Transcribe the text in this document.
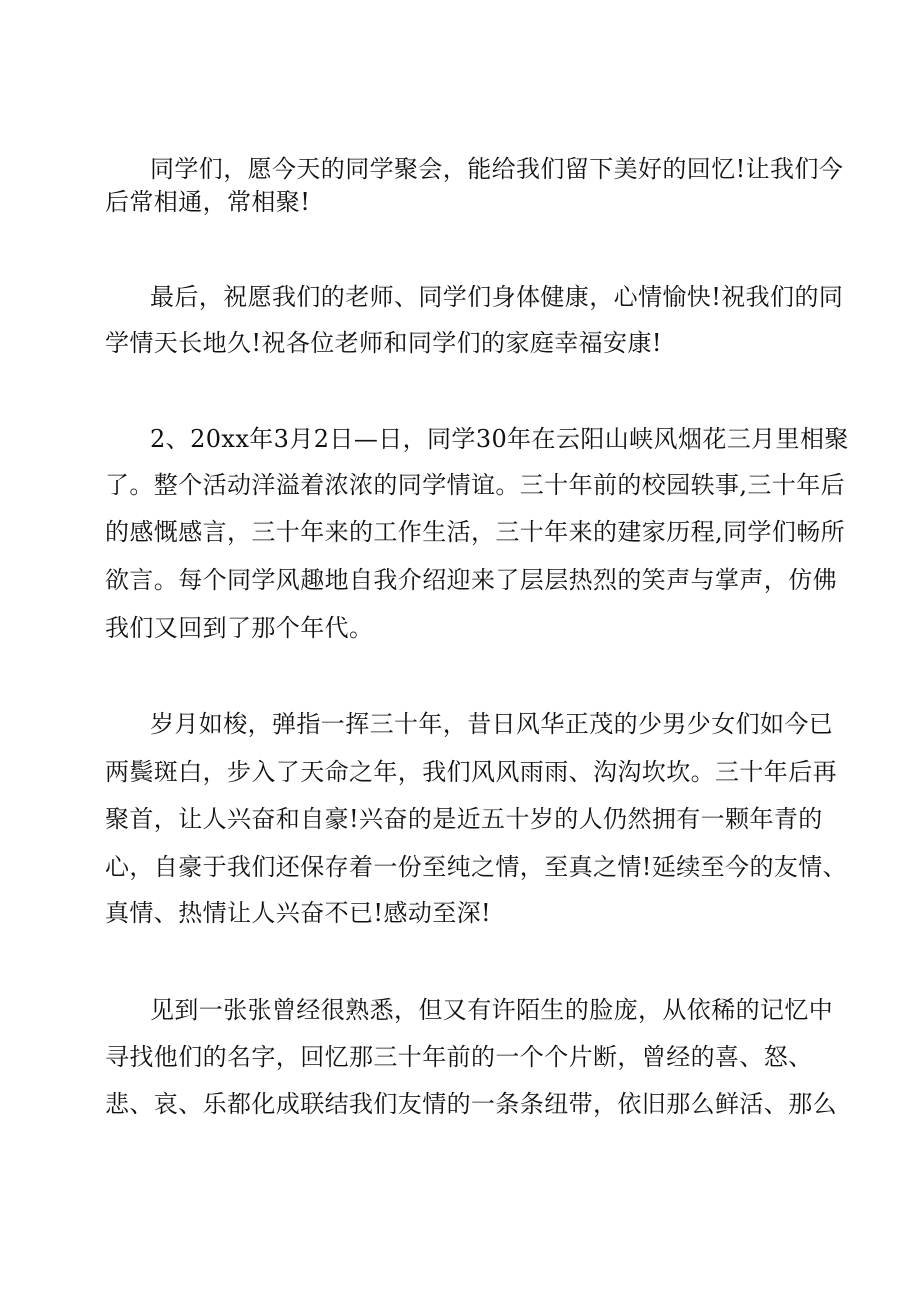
同学们，愿今天的同学聚会，能给我们留下美好的回忆!让我们今
后常相通，常相聚!
最后，祝愿我们的老师、同学们身体健康，心情愉快!祝我们的同
学情天长地久!祝各位老师和同学们的家庭幸福安康!
2、20xx年3月2日—日，同学30年在云阳山峡风烟花三月里相聚
了。整个活动洋溢着浓浓的同学情谊。三十年前的校园轶事,三十年后
的感慨感言，三十年来的工作生活，三十年来的建家历程,同学们畅所
欲言。每个同学风趣地自我介绍迎来了层层热烈的笑声与掌声，仿佛
我们又回到了那个年代。
岁月如梭，弹指一挥三十年，昔日风华正茂的少男少女们如今已
两鬓斑白，步入了天命之年，我们风风雨雨、沟沟坎坎。三十年后再
聚首，让人兴奋和自豪!兴奋的是近五十岁的人仍然拥有一颗年青的
心，自豪于我们还保存着一份至纯之情，至真之情!延续至今的友情、
真情、热情让人兴奋不已!感动至深!
见到一张张曾经很熟悉，但又有许陌生的脸庞，从依稀的记忆中
寻找他们的名字，回忆那三十年前的一个个片断，曾经的喜、怒、
悲、哀、乐都化成联结我们友情的一条条纽带，依旧那么鲜活、那么
